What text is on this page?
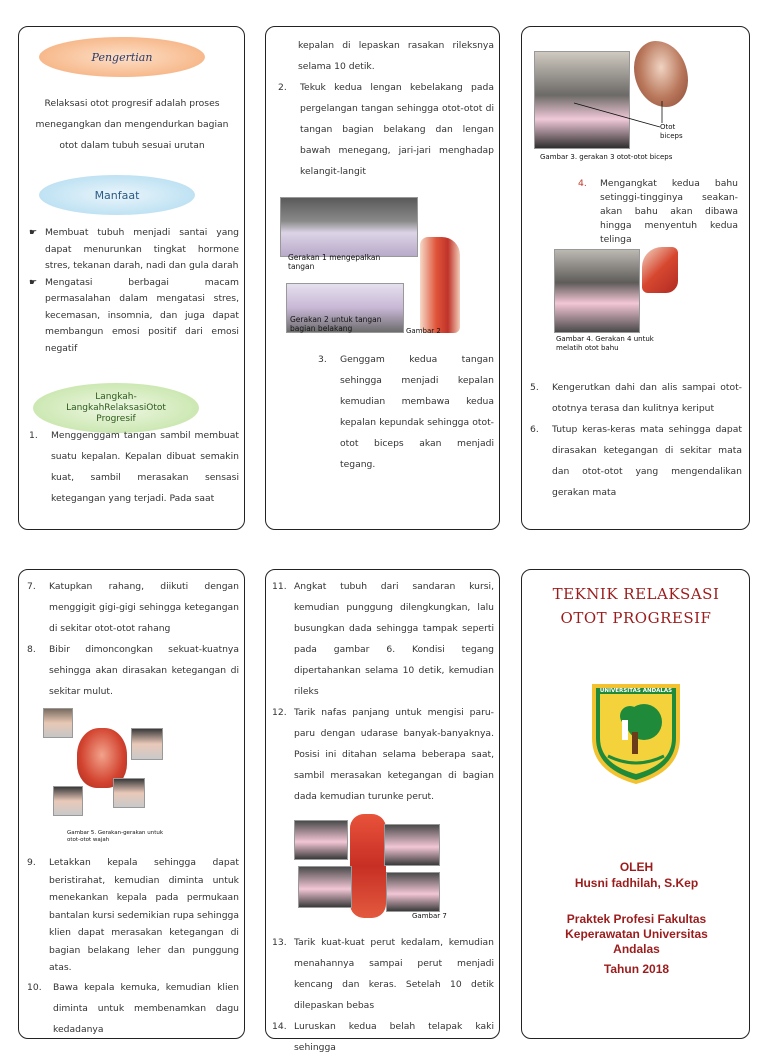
Pengertian
Relaksasi otot progresif adalah proses menegangkan dan mengendurkan bagian otot dalam tubuh sesuai urutan
Manfaat
☛ Membuat tubuh menjadi santai yang dapat menurunkan tingkat hormone stres, tekanan darah, nadi dan gula darah
☛ Mengatasi berbagai macam permasalahan dalam mengatasi stres, kecemasan, insomnia, dan juga dapat membangun emosi positif dari emosi negatif
Langkah-LangkahRelaksasiOtot Progresif
1. Menggenggam tangan sambil membuat suatu kepalan. Kepalan dibuat semakin kuat, sambil merasakan sensasi ketegangan yang terjadi. Pada saat
kepalan di lepaskan rasakan rileksnya selama 10 detik.
2. Tekuk kedua lengan kebelakang pada pergelangan tangan sehingga otot-otot di tangan bagian belakang dan lengan bawah menegang, jari-jari menghadap kelangit-langit
Gerakan 1 mengepalkan tangan
Gerakan 2 untuk tangan bagian belakang	Gambar 2
3. Genggam kedua tangan sehingga menjadi kepalan kemudian membawa kedua kepalan kepundak sehingga otot-otot biceps akan menjadi tegang.
Otot biceps
Gambar 3. gerakan 3 otot-otot biceps
4. Mengangkat kedua bahu setinggi-tingginya seakan-akan bahu akan dibawa hingga menyentuh kedua telinga
Gambar 4. Gerakan 4 untuk melatih otot bahu
5. Kengerutkan dahi dan alis sampai otot-ototnya terasa dan kulitnya keriput
6. Tutup keras-keras mata sehingga dapat dirasakan ketegangan di sekitar mata dan otot-otot yang mengendalikan gerakan mata
7. Katupkan rahang, diikuti dengan menggigit gigi-gigi sehingga ketegangan di sekitar otot-otot rahang
8. Bibir dimoncongkan sekuat-kuatnya sehingga akan dirasakan ketegangan di sekitar mulut.
Gambar 5. Gerakan-gerakan untuk otot-otot wajah
9. Letakkan kepala sehingga dapat beristirahat, kemudian diminta untuk menekankan kepala pada permukaan bantalan kursi sedemikian rupa sehingga klien dapat merasakan ketegangan di bagian belakang leher dan punggung atas.
10. Bawa kepala kemuka, kemudian klien diminta untuk membenamkan dagu kedadanya
11. Angkat tubuh dari sandaran kursi, kemudian punggung dilengkungkan, lalu busungkan dada sehingga tampak seperti pada gambar 6. Kondisi tegang dipertahankan selama 10 detik, kemudian rileks
12. Tarik nafas panjang untuk mengisi paru-paru dengan udarase banyak-banyaknya. Posisi ini ditahan selama beberapa saat, sambil merasakan ketegangan di bagian dada kemudian turunke perut.
Gambar 7
13. Tarik kuat-kuat perut kedalam, kemudian menahannya sampai perut menjadi kencang dan keras. Setelah 10 detik dilepaskan bebas
14. Luruskan kedua belah telapak kaki sehingga
TEKNIK RELAKSASI OTOT PROGRESIF
UNIVERSITAS ANDALAS
OLEH
Husni fadhilah, S.Kep
Praktek Profesi Fakultas Keperawatan Universitas Andalas
Tahun 2018
